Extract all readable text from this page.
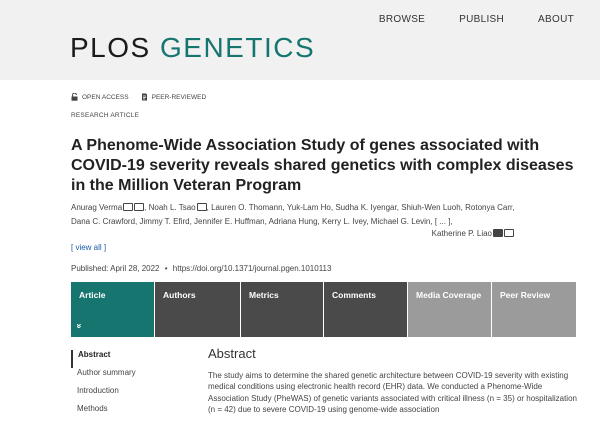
BROWSE	PUBLISH	ABOUT
PLOS GENETICS
OPEN ACCESS	PEER-REVIEWED
RESEARCH ARTICLE
A Phenome-Wide Association Study of genes associated with COVID-19 severity reveals shared genetics with complex diseases in the Million Veteran Program
Anurag Verma	, Noah L. Tsao , Lauren O. Thomann, Yuk-Lam Ho, Sudha K. Iyengar, Shiuh-Wen Luoh, Rotonya Carr, Dana C. Crawford, Jimmy T. Efird, Jennifer E. Huffman, Adriana Hung, Kerry L. Ivey, Michael G. Levin, [ ... ],
Katherine P. Liao
[ view all ]
Published: April 28, 2022 • https://doi.org/10.1371/journal.pgen.1010113
Article
»
Authors	Metrics	Comments	Media Coverage	Peer Review
Abstract
Author summary
Introduction
Methods
Abstract
The study aims to determine the shared genetic architecture between COVID-19 severity with existing medical conditions using electronic health record (EHR) data. We conducted a Phenome-Wide Association Study (PheWAS) of genetic variants associated with critical illness (n = 35) or hospitalization (n = 42) due to severe COVID-19 using genome-wide association
